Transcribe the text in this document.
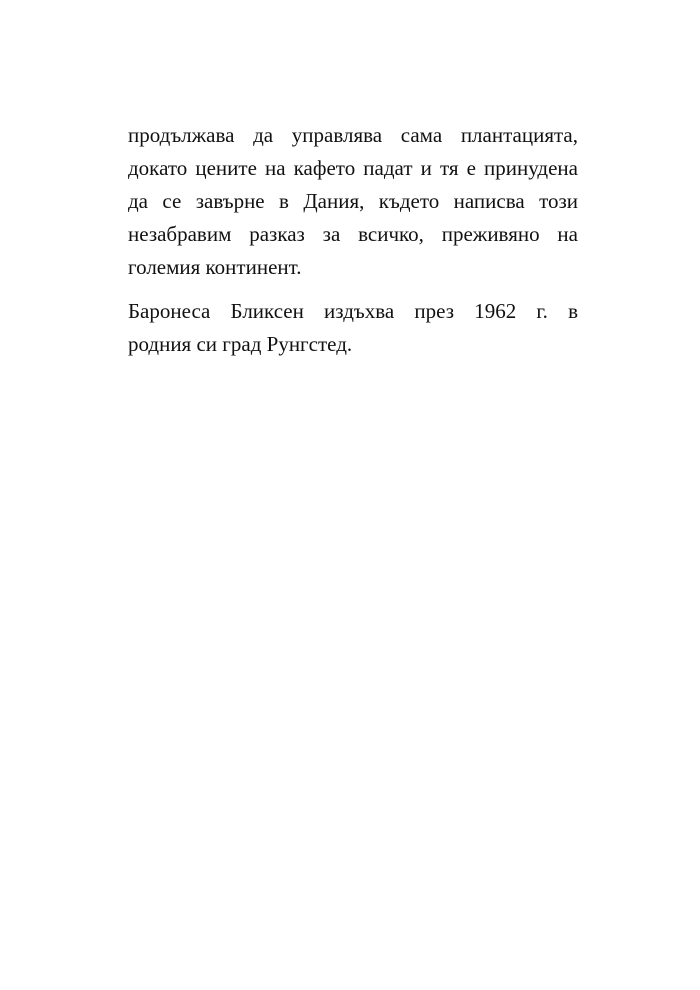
продължава да управлява сама плантацията,
докато цените на кафето падат и тя е принудена
да се завърне в Дания, където написва този
незабравим разказ за всичко, преживяно на
големия континент.

Баронеса Бликсен издъхва през 1962 г. в
родния си град Рунгстед.
